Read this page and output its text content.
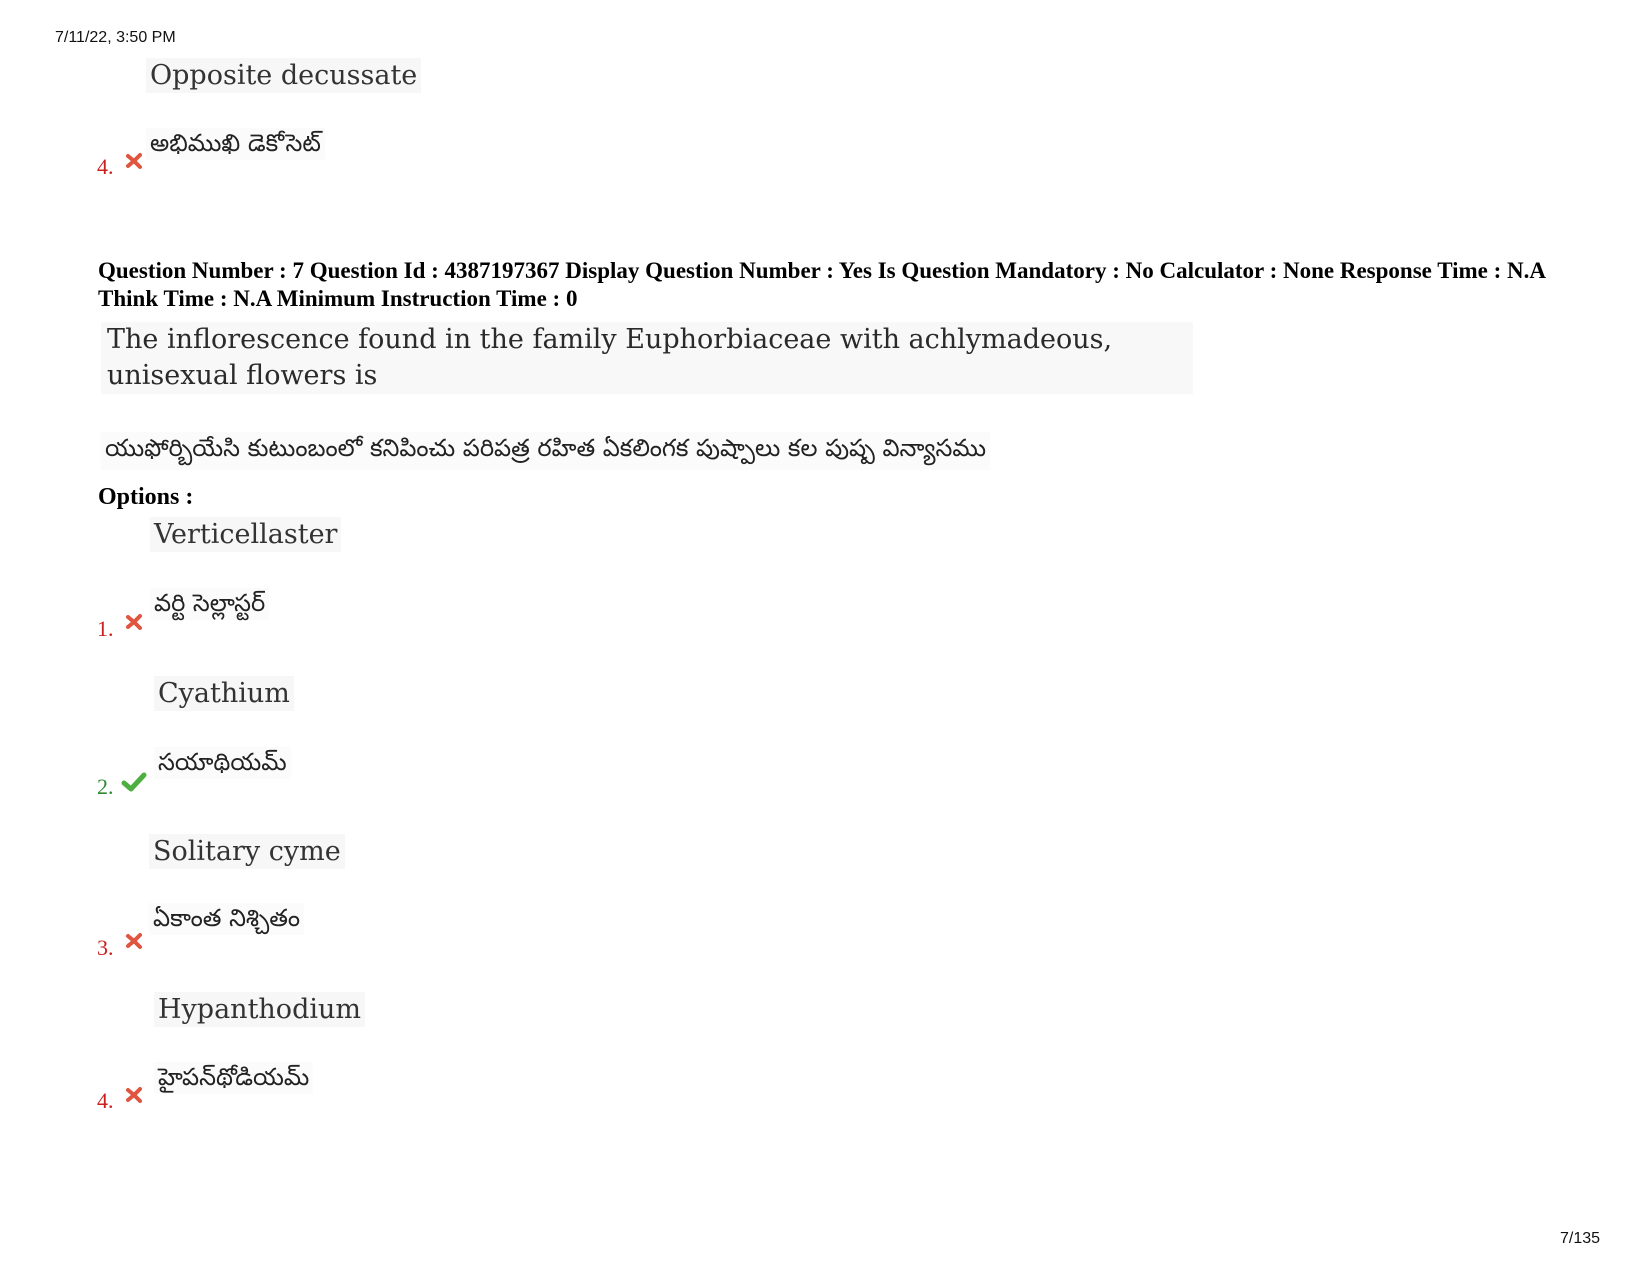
7/11/22, 3:50 PM
Opposite decussate
అభిముఖి డెకోసెట్
4.
Question Number : 7 Question Id : 4387197367 Display Question Number : Yes Is Question Mandatory : No Calculator : None Response Time : N.A Think Time : N.A Minimum Instruction Time : 0
The inflorescence found in the family Euphorbiaceae with achlymadeous, unisexual flowers is
యుఫోర్బియేసి కుటుంబంలో కనిపించు పరిపత్ర రహిత ఏకలింగక పుష్పాలు కల పుష్ప విన్యాసము
Options :
Verticellaster
వర్టి సెల్లాస్టర్
1.
Cyathium
సయాథియమ్
2.
Solitary cyme
ఏకాంత నిశ్చితం
3.
Hypanthodium
హైపన్‌థోడియమ్
4.
7/135
